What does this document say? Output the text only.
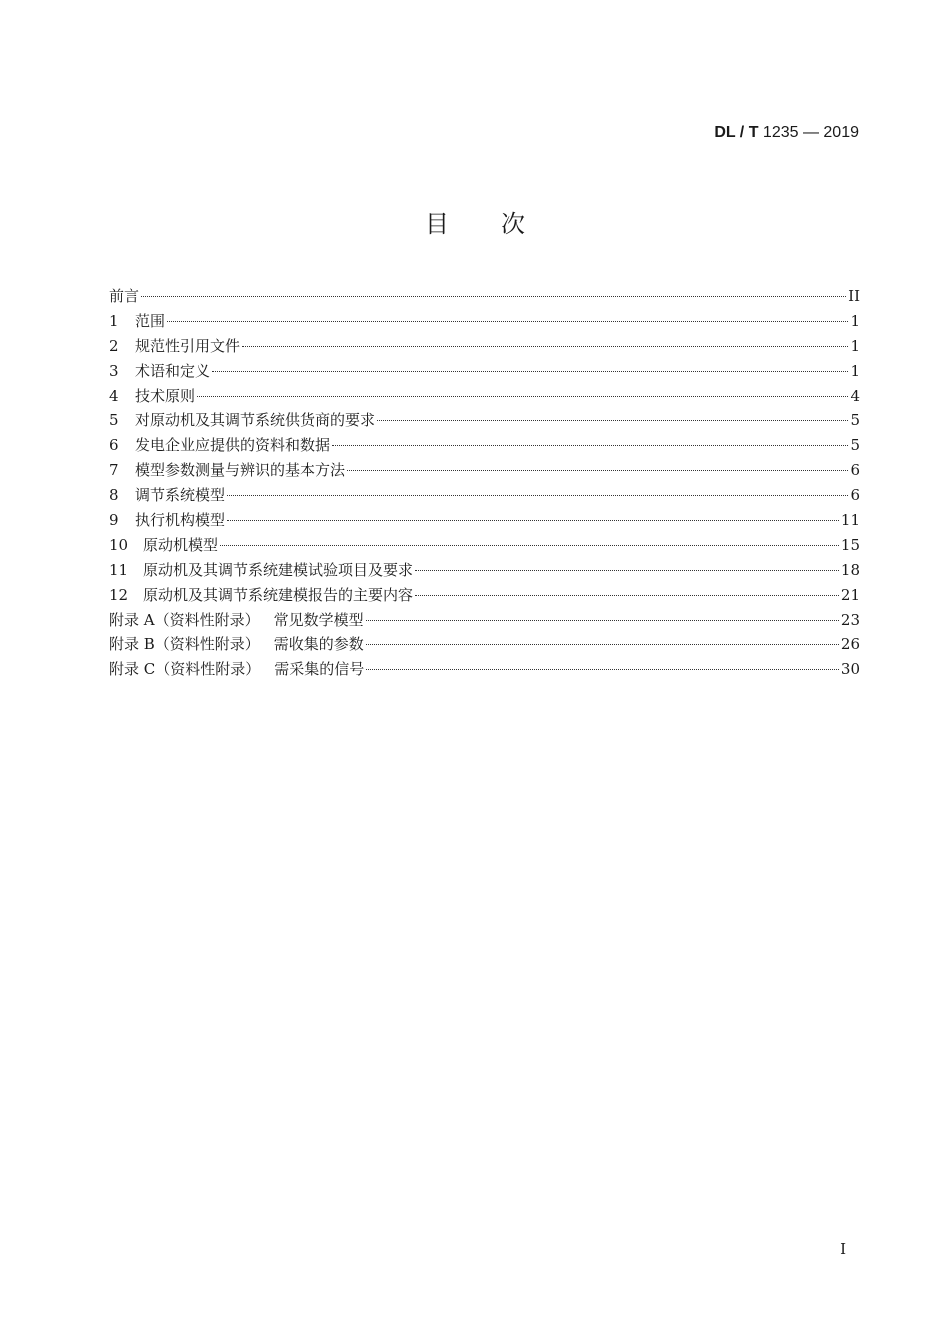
DL / T 1235 — 2019
目次
前言	II
1	范围	1
2	规范性引用文件	1
3	术语和定义	1
4	技术原则	4
5	对原动机及其调节系统供货商的要求	5
6	发电企业应提供的资料和数据	5
7	模型参数测量与辨识的基本方法	6
8	调节系统模型	6
9	执行机构模型	11
10 原动机模型	15
11 原动机及其调节系统建模试验项目及要求	18
12 原动机及其调节系统建模报告的主要内容	21
附录 A（资料性附录） 常见数学模型	23
附录 B（资料性附录） 需收集的参数	26
附录 C（资料性附录） 需采集的信号	30
I
